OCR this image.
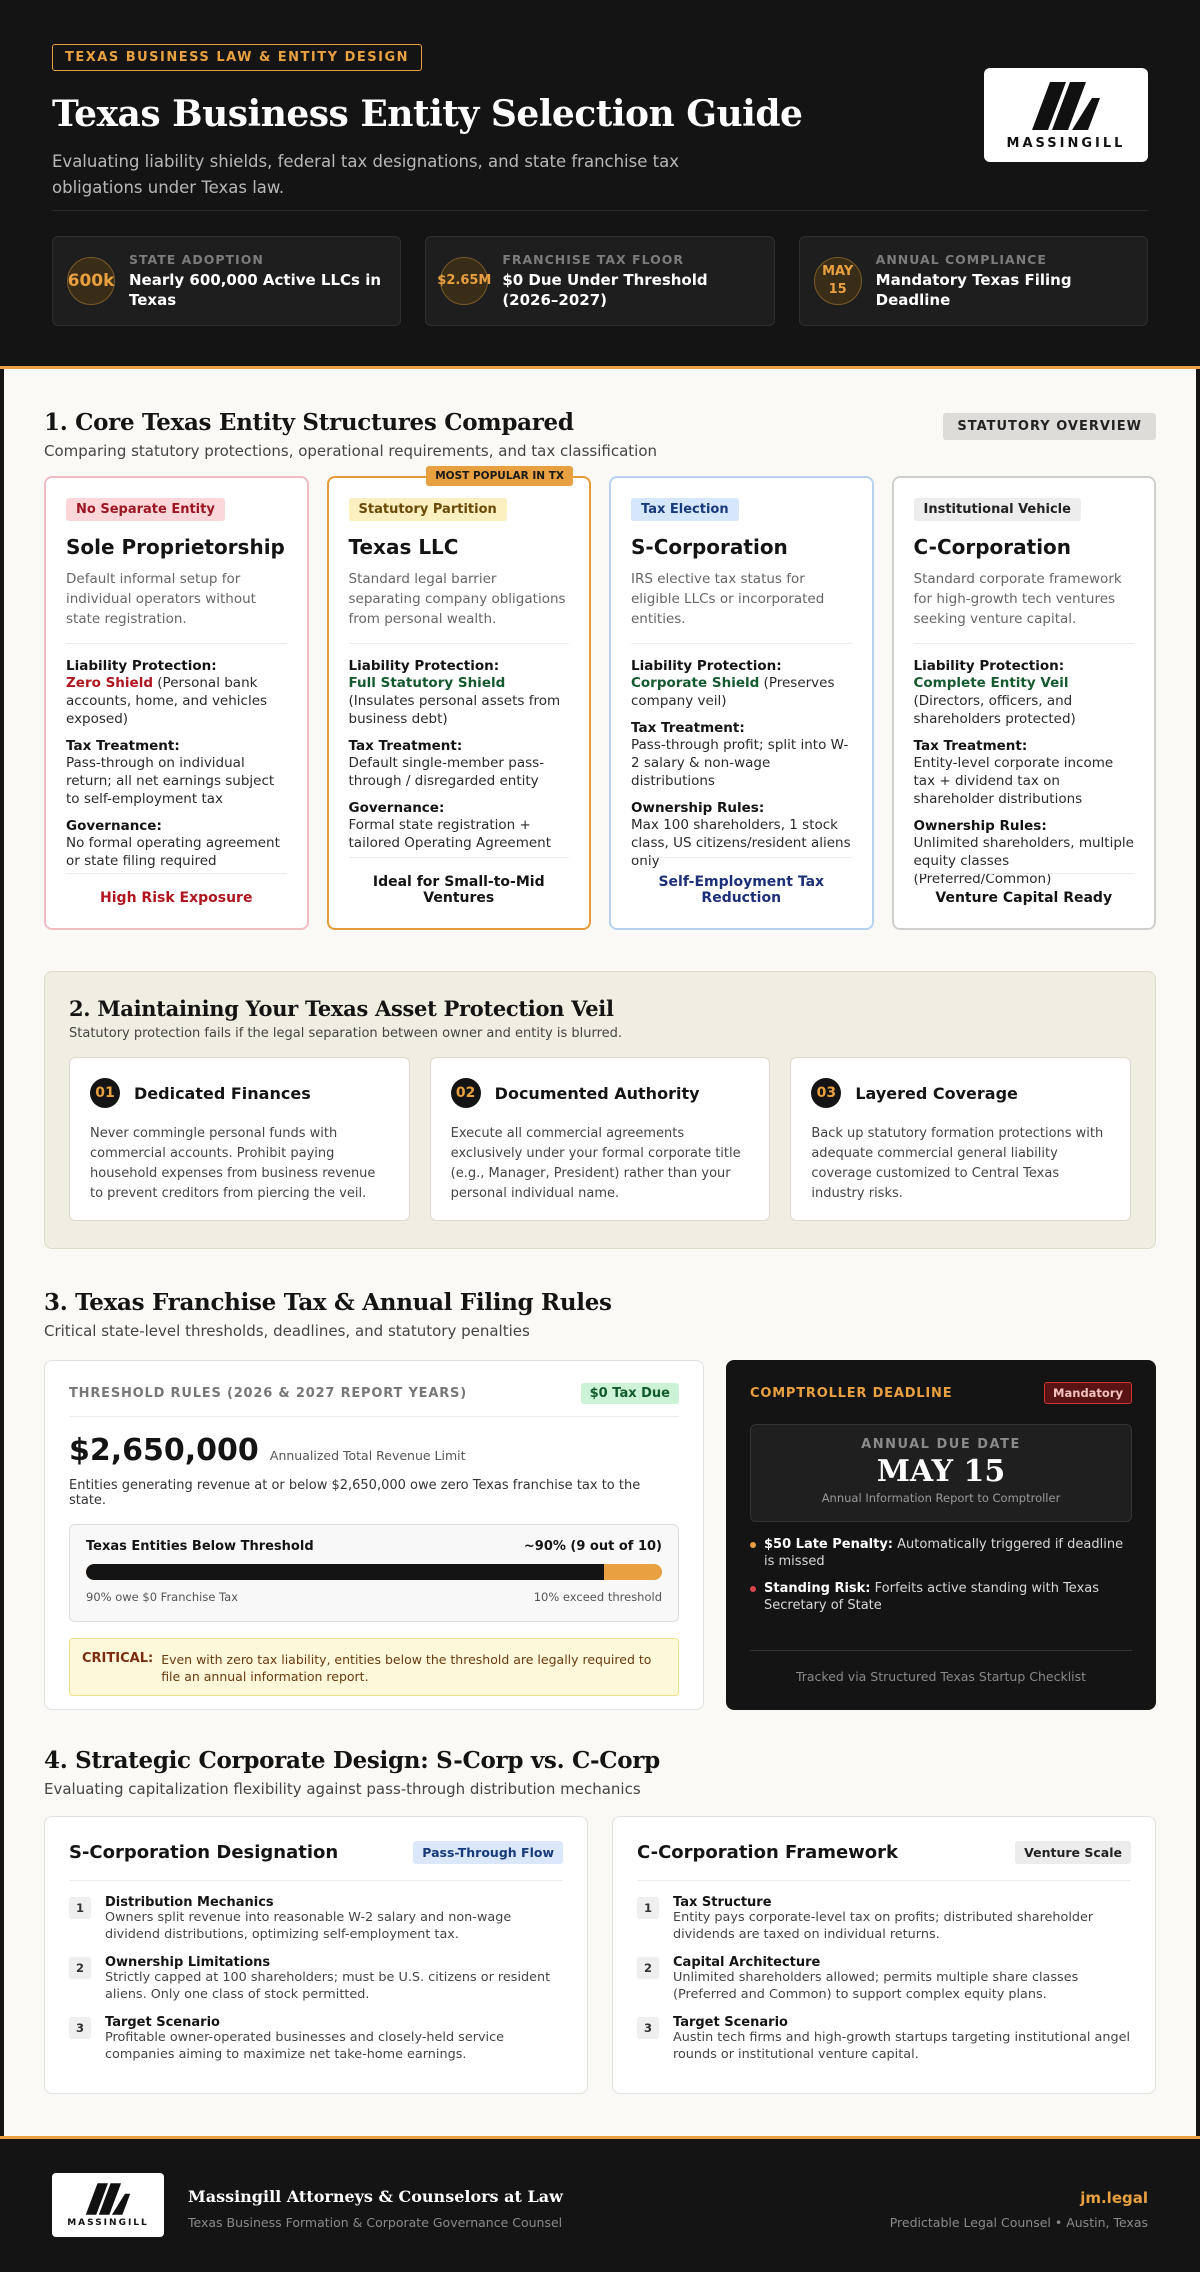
TEXAS BUSINESS LAW & ENTITY DESIGN
Texas Business Entity Selection Guide
Evaluating liability shields, federal tax designations, and state franchise tax obligations under Texas law.
MASSINGILL
600k
STATE ADOPTION
Nearly 600,000 Active LLCs in Texas
$2.65M
FRANCHISE TAX FLOOR
$0 Due Under Threshold (2026–2027)
MAY 15
ANNUAL COMPLIANCE
Mandatory Texas Filing Deadline
1. Core Texas Entity Structures Compared
Comparing statutory protections, operational requirements, and tax classification
STATUTORY OVERVIEW
No Separate Entity
Sole Proprietorship
Default informal setup for individual operators without state registration.
Liability Protection:
Zero Shield (Personal bank accounts, home, and vehicles exposed)
Tax Treatment:
Pass-through on individual return; all net earnings subject to self-employment tax
Governance:
No formal operating agreement or state filing required
High Risk Exposure
MOST POPULAR IN TX
Statutory Partition
Texas LLC
Standard legal barrier separating company obligations from personal wealth.
Liability Protection:
Full Statutory Shield (Insulates personal assets from business debt)
Tax Treatment:
Default single-member pass-through / disregarded entity
Governance:
Formal state registration + tailored Operating Agreement
Ideal for Small-to-Mid Ventures
Tax Election
S-Corporation
IRS elective tax status for eligible LLCs or incorporated entities.
Liability Protection:
Corporate Shield (Preserves company veil)
Tax Treatment:
Pass-through profit; split into W-2 salary & non-wage distributions
Ownership Rules:
Max 100 shareholders, 1 stock class, US citizens/resident aliens only
Self-Employment Tax Reduction
Institutional Vehicle
C-Corporation
Standard corporate framework for high-growth tech ventures seeking venture capital.
Liability Protection:
Complete Entity Veil (Directors, officers, and shareholders protected)
Tax Treatment:
Entity-level corporate income tax + dividend tax on shareholder distributions
Ownership Rules:
Unlimited shareholders, multiple equity classes (Preferred/Common)
Venture Capital Ready
2. Maintaining Your Texas Asset Protection Veil
Statutory protection fails if the legal separation between owner and entity is blurred.
01	Dedicated Finances
Never commingle personal funds with commercial accounts. Prohibit paying household expenses from business revenue to prevent creditors from piercing the veil.
02	Documented Authority
Execute all commercial agreements exclusively under your formal corporate title (e.g., Manager, President) rather than your personal individual name.
03	Layered Coverage
Back up statutory formation protections with adequate commercial general liability coverage customized to Central Texas industry risks.
3. Texas Franchise Tax & Annual Filing Rules
Critical state-level thresholds, deadlines, and statutory penalties
THRESHOLD RULES (2026 & 2027 REPORT YEARS)	$0 Tax Due
$2,650,000 Annualized Total Revenue Limit
Entities generating revenue at or below $2,650,000 owe zero Texas franchise tax to the state.
Texas Entities Below Threshold	~90% (9 out of 10)
90% owe $0 Franchise Tax	10% exceed threshold
CRITICAL: Even with zero tax liability, entities below the threshold are legally required to file an annual information report.
COMPTROLLER DEADLINE	Mandatory
ANNUAL DUE DATE
MAY 15
Annual Information Report to Comptroller
$50 Late Penalty: Automatically triggered if deadline is missed
Standing Risk: Forfeits active standing with Texas Secretary of State
Tracked via Structured Texas Startup Checklist
4. Strategic Corporate Design: S-Corp vs. C-Corp
Evaluating capitalization flexibility against pass-through distribution mechanics
S-Corporation Designation	Pass-Through Flow
1	Distribution Mechanics
Owners split revenue into reasonable W-2 salary and non-wage dividend distributions, optimizing self-employment tax.
2	Ownership Limitations
Strictly capped at 100 shareholders; must be U.S. citizens or resident aliens. Only one class of stock permitted.
3	Target Scenario
Profitable owner-operated businesses and closely-held service companies aiming to maximize net take-home earnings.
C-Corporation Framework	Venture Scale
1	Tax Structure
Entity pays corporate-level tax on profits; distributed shareholder dividends are taxed on individual returns.
2	Capital Architecture
Unlimited shareholders allowed; permits multiple share classes (Preferred and Common) to support complex equity plans.
3	Target Scenario
Austin tech firms and high-growth startups targeting institutional angel rounds or institutional venture capital.
MASSINGILL
Massingill Attorneys & Counselors at Law
Texas Business Formation & Corporate Governance Counsel
jm.legal
Predictable Legal Counsel • Austin, Texas
